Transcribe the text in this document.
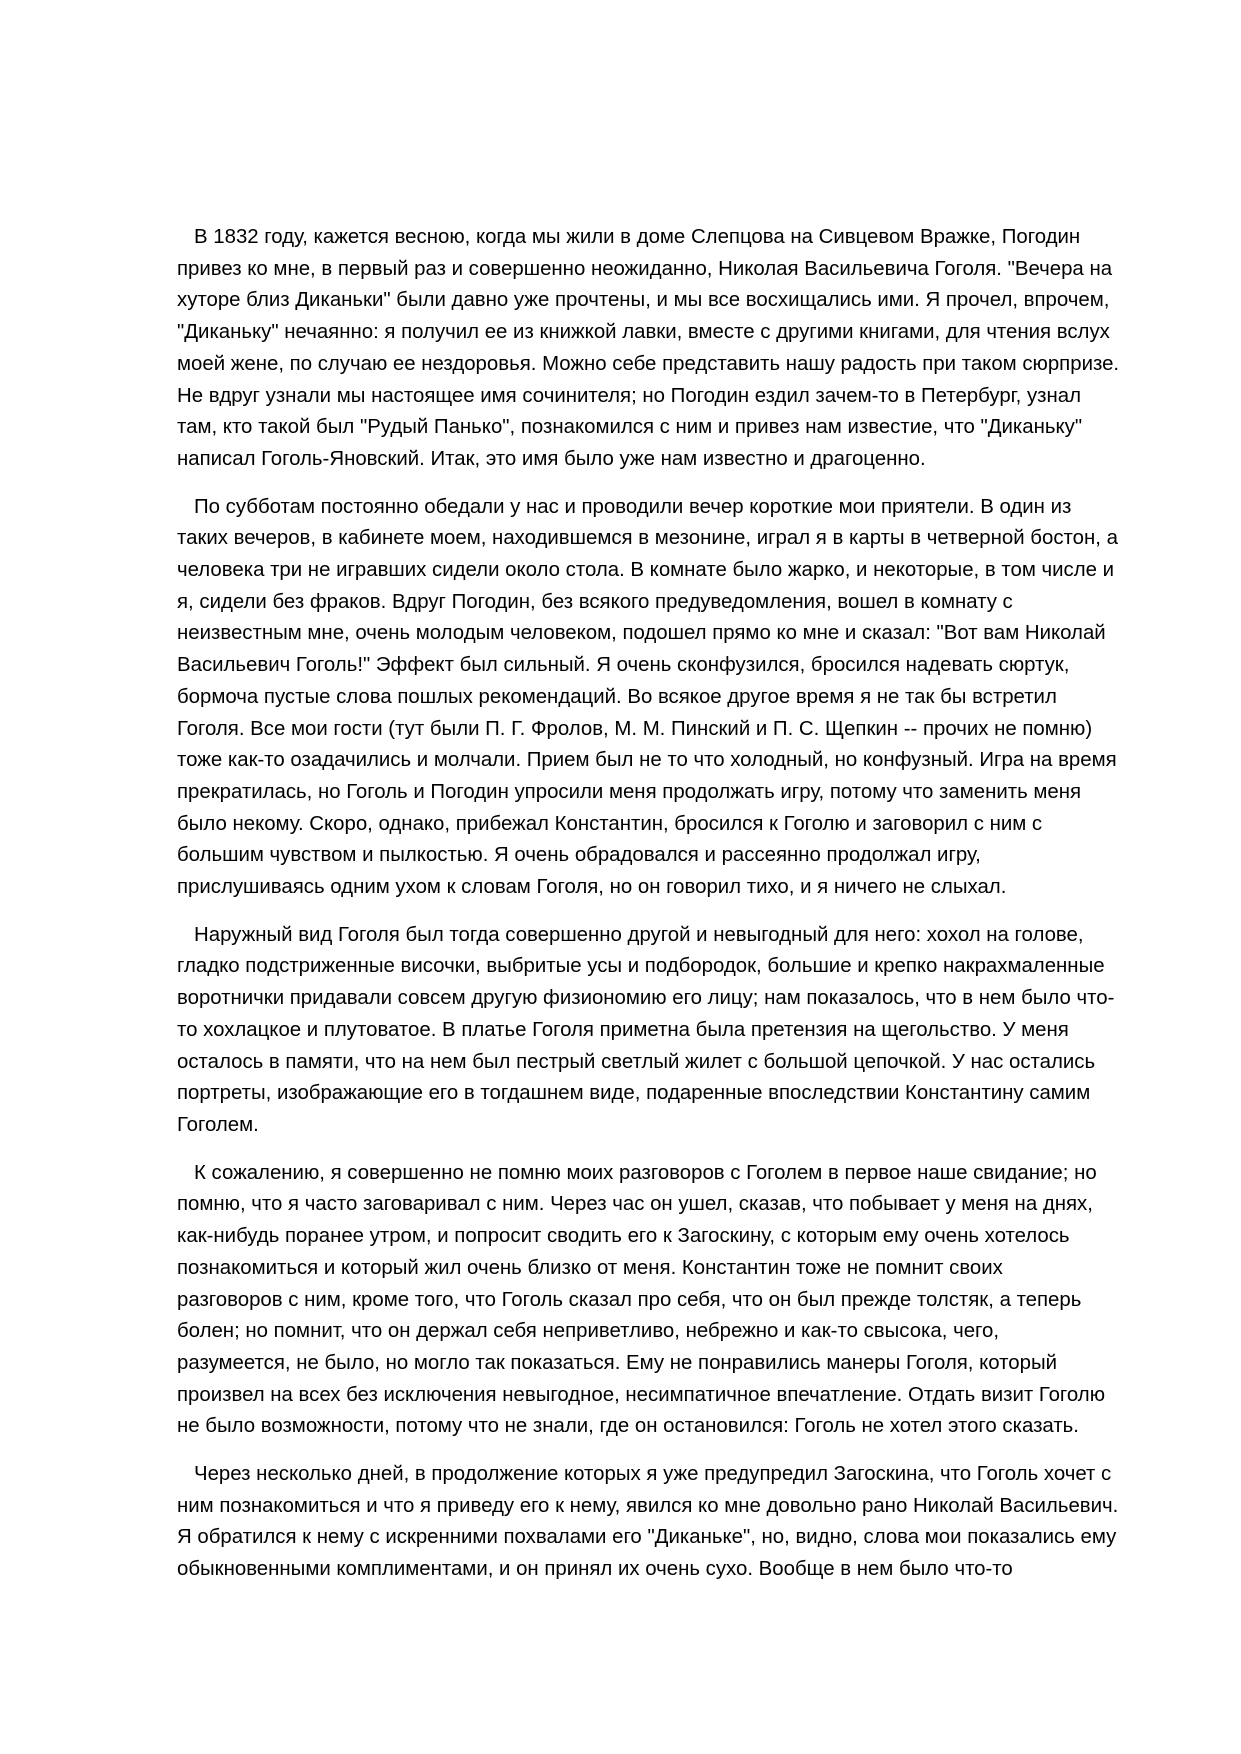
В 1832 году, кажется весною, когда мы жили в доме Слепцова на Сивцевом Вражке, Погодин
привез ко мне, в первый раз и совершенно неожиданно, Николая Васильевича Гоголя. "Вечера на
хуторе близ Диканьки" были давно уже прочтены, и мы все восхищались ими. Я прочел, впрочем,
"Диканьку" нечаянно: я получил ее из книжкой лавки, вместе с другими книгами, для чтения вслух
моей жене, по случаю ее нездоровья. Можно себе представить нашу радость при таком сюрпризе.
Не вдруг узнали мы настоящее имя сочинителя; но Погодин ездил зачем-то в Петербург, узнал
там, кто такой был "Рудый Панько", познакомился с ним и привез нам известие, что "Диканьку"
написал Гоголь-Яновский. Итак, это имя было уже нам известно и драгоценно.

По субботам постоянно обедали у нас и проводили вечер короткие мои приятели. В один из
таких вечеров, в кабинете моем, находившемся в мезонине, играл я в карты в четверной бостон, а
человека три не игравших сидели около стола. В комнате было жарко, и некоторые, в том числе и
я, сидели без фраков. Вдруг Погодин, без всякого предуведомления, вошел в комнату с
неизвестным мне, очень молодым человеком, подошел прямо ко мне и сказал: "Вот вам Николай
Васильевич Гоголь!" Эффект был сильный. Я очень сконфузился, бросился надевать сюртук,
бормоча пустые слова пошлых рекомендаций. Во всякое другое время я не так бы встретил
Гоголя. Все мои гости (тут были П. Г. Фролов, М. М. Пинский и П. С. Щепкин -- прочих не помню)
тоже как-то озадачились и молчали. Прием был не то что холодный, но конфузный. Игра на время
прекратилась, но Гоголь и Погодин упросили меня продолжать игру, потому что заменить меня
было некому. Скоро, однако, прибежал Константин, бросился к Гоголю и заговорил с ним с
большим чувством и пылкостью. Я очень обрадовался и рассеянно продолжал игру,
прислушиваясь одним ухом к словам Гоголя, но он говорил тихо, и я ничего не слыхал.

Наружный вид Гоголя был тогда совершенно другой и невыгодный для него: хохол на голове,
гладко подстриженные височки, выбритые усы и подбородок, большие и крепко накрахмаленные
воротнички придавали совсем другую физиономию его лицу; нам показалось, что в нем было что-
то хохлацкое и плутоватое. В платье Гоголя приметна была претензия на щегольство. У меня
осталось в памяти, что на нем был пестрый светлый жилет с большой цепочкой. У нас остались
портреты, изображающие его в тогдашнем виде, подаренные впоследствии Константину самим
Гоголем.

К сожалению, я совершенно не помню моих разговоров с Гоголем в первое наше свидание; но
помню, что я часто заговаривал с ним. Через час он ушел, сказав, что побывает у меня на днях,
как-нибудь поранее утром, и попросит сводить его к Загоскину, с которым ему очень хотелось
познакомиться и который жил очень близко от меня. Константин тоже не помнит своих
разговоров с ним, кроме того, что Гоголь сказал про себя, что он был прежде толстяк, а теперь
болен; но помнит, что он держал себя неприветливо, небрежно и как-то свысока, чего,
разумеется, не было, но могло так показаться. Ему не понравились манеры Гоголя, который
произвел на всех без исключения невыгодное, несимпатичное впечатление. Отдать визит Гоголю
не было возможности, потому что не знали, где он остановился: Гоголь не хотел этого сказать.

Через несколько дней, в продолжение которых я уже предупредил Загоскина, что Гоголь хочет с
ним познакомиться и что я приведу его к нему, явился ко мне довольно рано Николай Васильевич.
Я обратился к нему с искренними похвалами его "Диканьке", но, видно, слова мои показались ему
обыкновенными комплиментами, и он принял их очень сухо. Вообще в нем было что-то
